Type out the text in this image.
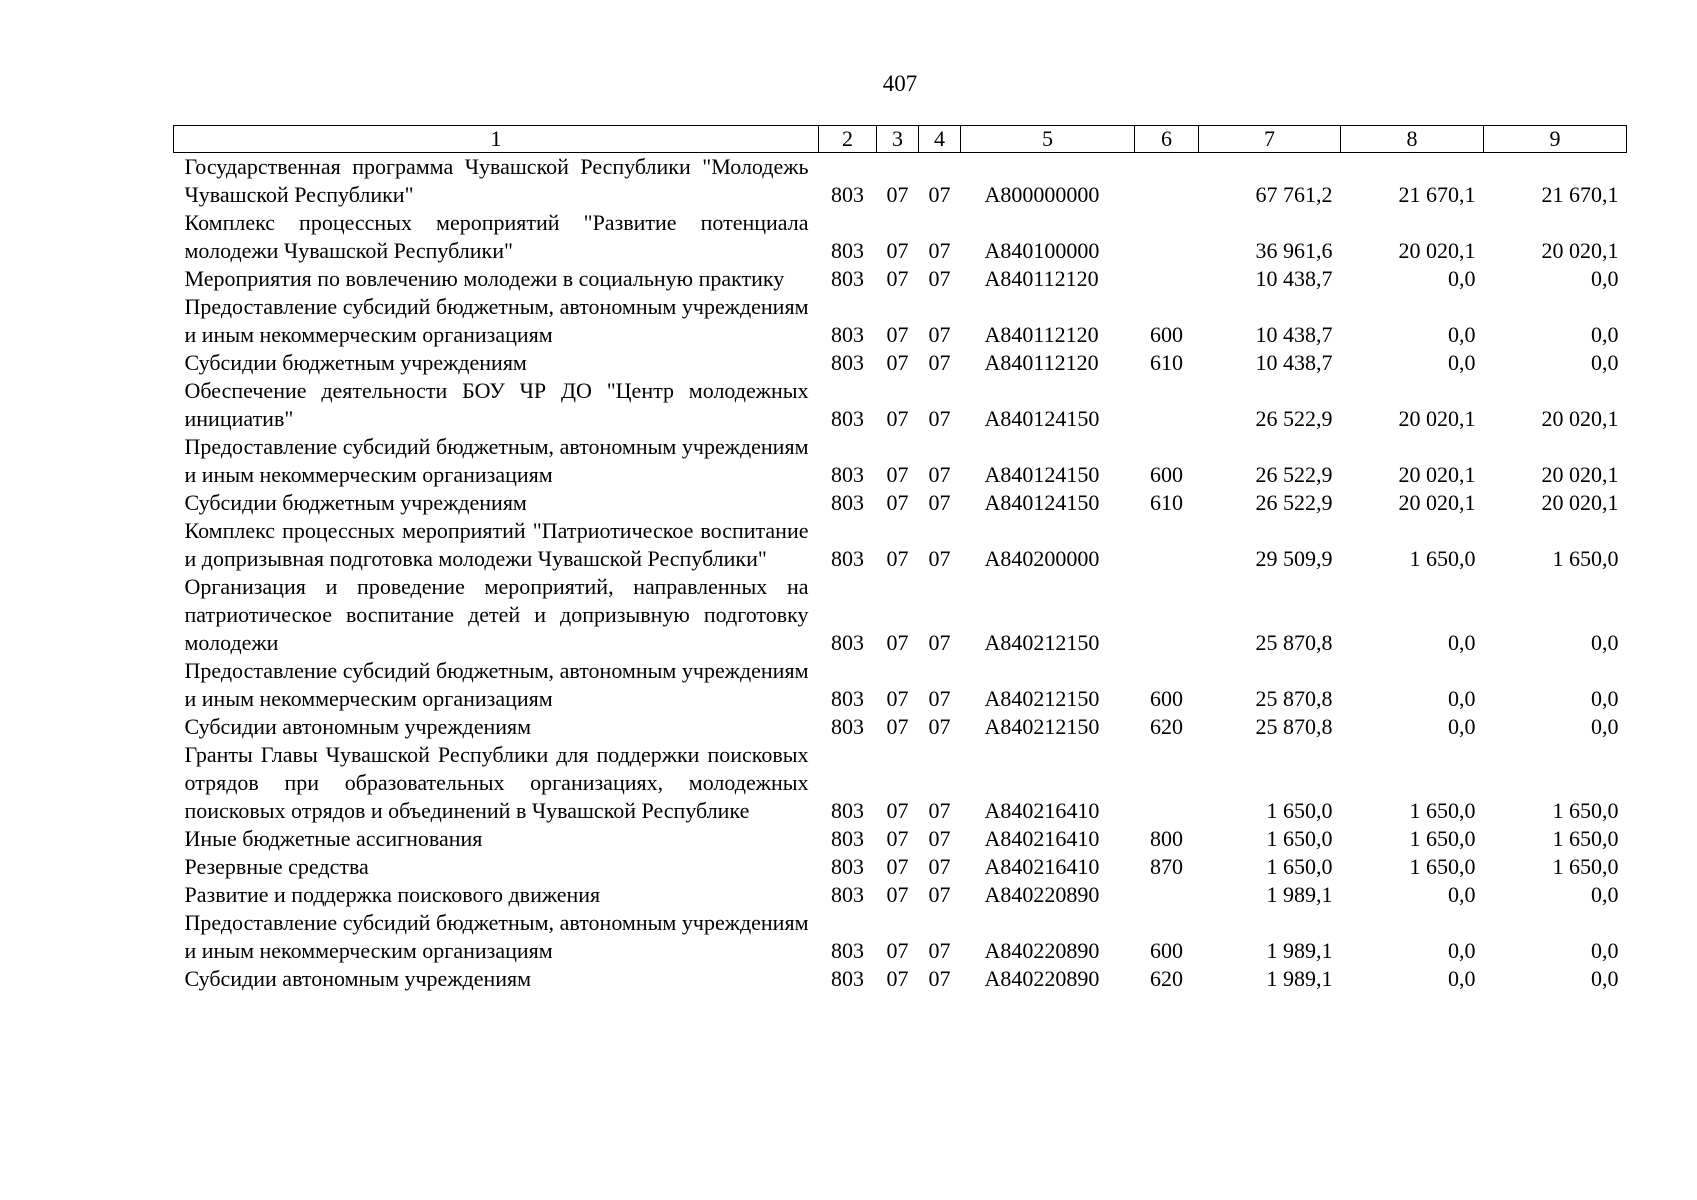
407
1	2	3	4	5	6	7	8	9
Государственная программа Чувашской Республики "Молодежь Чувашской Республики"	803	07	07	А800000000		67 761,2	21 670,1	21 670,1
Комплекс процессных мероприятий "Развитие потенциала молодежи Чувашской Республики"	803	07	07	А840100000		36 961,6	20 020,1	20 020,1
Мероприятия по вовлечению молодежи в социальную практику	803	07	07	А840112120		10 438,7	0,0	0,0
Предоставление субсидий бюджетным, автономным учреждениям и иным некоммерческим организациям	803	07	07	А840112120	600	10 438,7	0,0	0,0
Субсидии бюджетным учреждениям	803	07	07	А840112120	610	10 438,7	0,0	0,0
Обеспечение деятельности БОУ ЧР ДО "Центр молодежных инициатив"	803	07	07	А840124150		26 522,9	20 020,1	20 020,1
Предоставление субсидий бюджетным, автономным учреждениям и иным некоммерческим организациям	803	07	07	А840124150	600	26 522,9	20 020,1	20 020,1
Субсидии бюджетным учреждениям	803	07	07	А840124150	610	26 522,9	20 020,1	20 020,1
Комплекс процессных мероприятий "Патриотическое воспитание и допризывная подготовка молодежи Чувашской Республики"	803	07	07	А840200000		29 509,9	1 650,0	1 650,0
Организация и проведение мероприятий, направленных на патриотическое воспитание детей и допризывную подготовку молодежи	803	07	07	А840212150		25 870,8	0,0	0,0
Предоставление субсидий бюджетным, автономным учреждениям и иным некоммерческим организациям	803	07	07	А840212150	600	25 870,8	0,0	0,0
Субсидии автономным учреждениям	803	07	07	А840212150	620	25 870,8	0,0	0,0
Гранты Главы Чувашской Республики для поддержки поисковых отрядов при образовательных организациях, молодежных поисковых отрядов и объединений в Чувашской Республике	803	07	07	А840216410		1 650,0	1 650,0	1 650,0
Иные бюджетные ассигнования	803	07	07	А840216410	800	1 650,0	1 650,0	1 650,0
Резервные средства	803	07	07	А840216410	870	1 650,0	1 650,0	1 650,0
Развитие и поддержка поискового движения	803	07	07	А840220890		1 989,1	0,0	0,0
Предоставление субсидий бюджетным, автономным учреждениям и иным некоммерческим организациям	803	07	07	А840220890	600	1 989,1	0,0	0,0
Субсидии автономным учреждениям	803	07	07	А840220890	620	1 989,1	0,0	0,0
